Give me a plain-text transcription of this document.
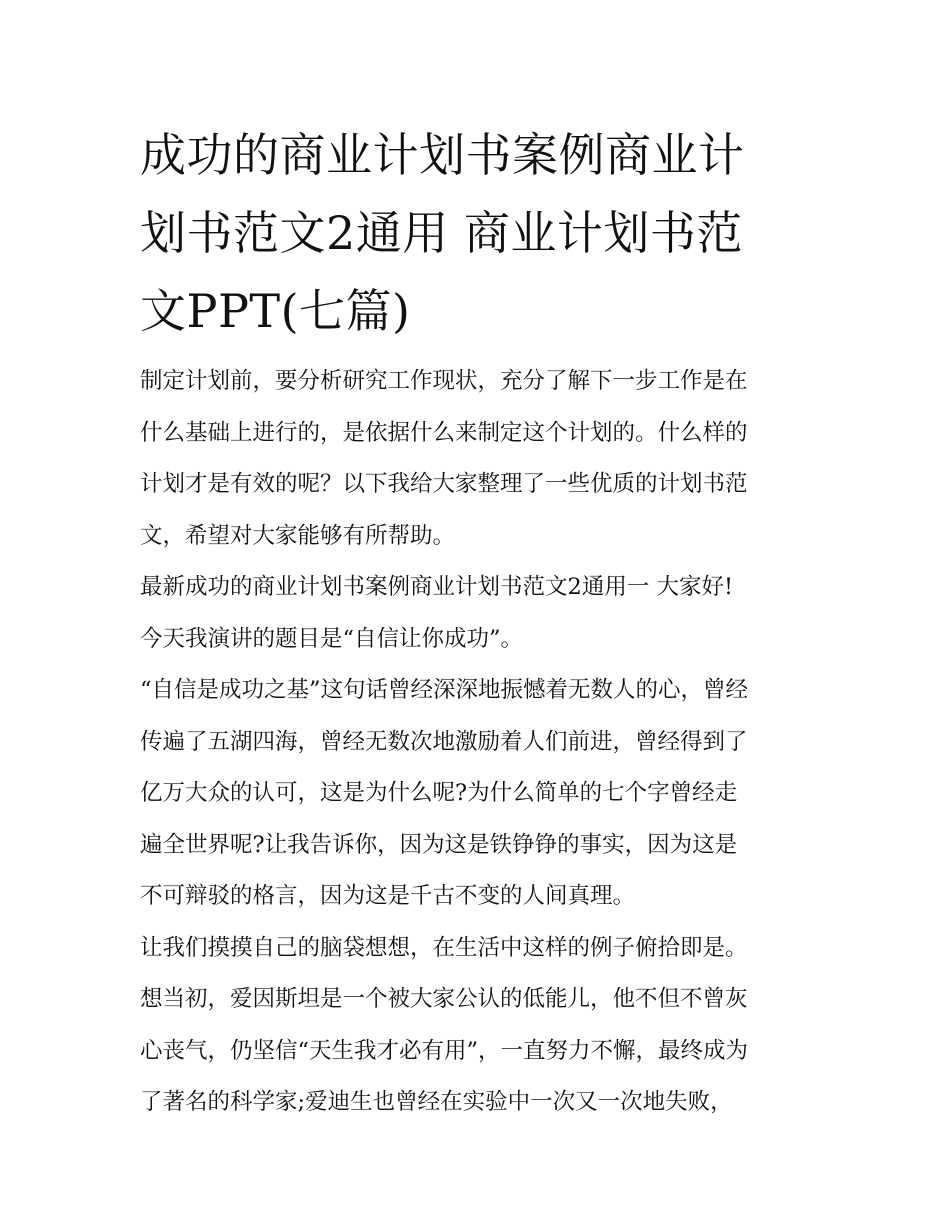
成功的商业计划书案例商业计
划书范文2通用 商业计划书范
文PPT(七篇)
制定计划前，要分析研究工作现状，充分了解下一步工作是在
什么基础上进行的，是依据什么来制定这个计划的。什么样的
计划才是有效的呢？以下我给大家整理了一些优质的计划书范
文，希望对大家能够有所帮助。
最新成功的商业计划书案例商业计划书范文2通用一 大家好!
今天我演讲的题目是“自信让你成功”。
“自信是成功之基”这句话曾经深深地振憾着无数人的心，曾经
传遍了五湖四海，曾经无数次地激励着人们前进，曾经得到了
亿万大众的认可，这是为什么呢?为什么简单的七个字曾经走
遍全世界呢?让我告诉你，因为这是铁铮铮的事实，因为这是
不可辩驳的格言，因为这是千古不变的人间真理。
让我们摸摸自己的脑袋想想，在生活中这样的例子俯拾即是。
想当初，爱因斯坦是一个被大家公认的低能儿，他不但不曾灰
心丧气，仍坚信“天生我才必有用”，一直努力不懈，最终成为
了著名的科学家;爱迪生也曾经在实验中一次又一次地失败，
